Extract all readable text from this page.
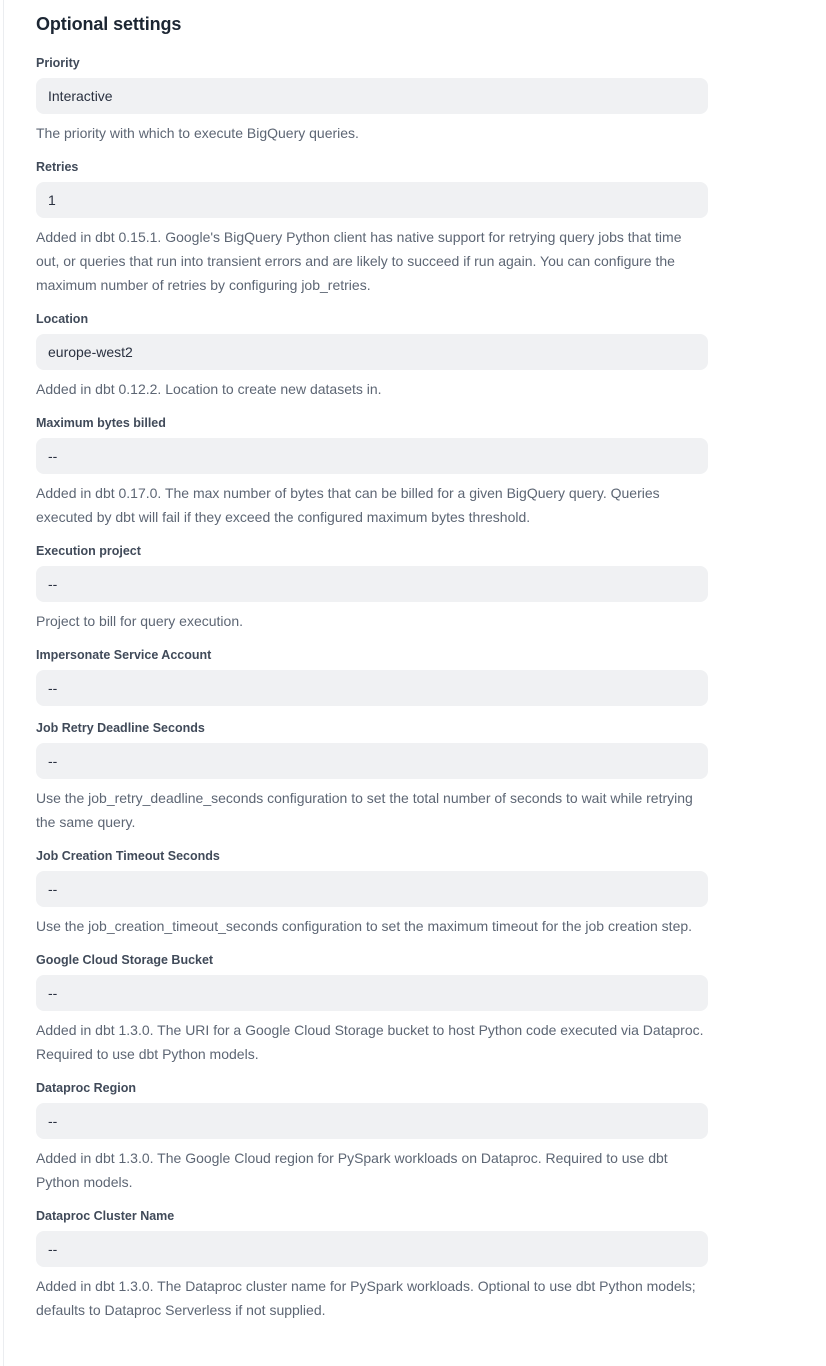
Optional settings
Priority
Interactive

The priority with which to execute BigQuery queries.

Retries
1

Added in dbt 0.15.1. Google's BigQuery Python client has native support for retrying query jobs that time out, or queries that run into transient errors and are likely to succeed if run again. You can configure the maximum number of retries by configuring job_retries.

Location
europe-west2

Added in dbt 0.12.2. Location to create new datasets in.

Maximum bytes billed
--

Added in dbt 0.17.0. The max number of bytes that can be billed for a given BigQuery query. Queries executed by dbt will fail if they exceed the configured maximum bytes threshold.

Execution project
--

Project to bill for query execution.

Impersonate Service Account
--
Job Retry Deadline Seconds
--

Use the job_retry_deadline_seconds configuration to set the total number of seconds to wait while retrying the same query.

Job Creation Timeout Seconds
--

Use the job_creation_timeout_seconds configuration to set the maximum timeout for the job creation step.

Google Cloud Storage Bucket
--

Added in dbt 1.3.0. The URI for a Google Cloud Storage bucket to host Python code executed via Dataproc. Required to use dbt Python models.

Dataproc Region
--

Added in dbt 1.3.0. The Google Cloud region for PySpark workloads on Dataproc. Required to use dbt Python models.

Dataproc Cluster Name
--

Added in dbt 1.3.0. The Dataproc cluster name for PySpark workloads. Optional to use dbt Python models; defaults to Dataproc Serverless if not supplied.
